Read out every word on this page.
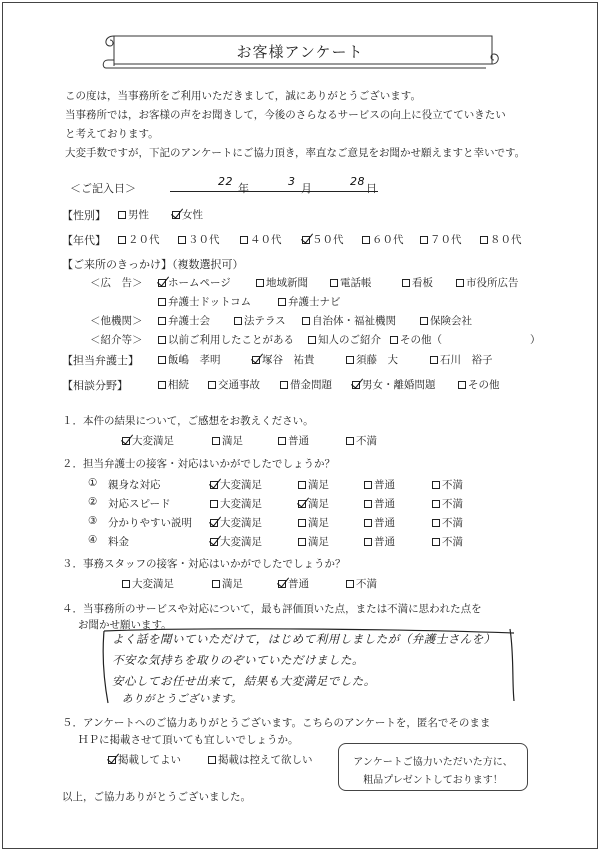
お客様アンケート
この度は，当事務所をご利用いただきまして，誠にありがとうございます。
当事務所では，お客様の声をお聞きして，今後のさらなるサービスの向上に役立てていきたい
と考えております。
大変手数ですが，下記のアンケートにご協力頂き，率直なご意見をお聞かせ願えますと幸いです。
＜ご記入日＞
22
年
3
月
28
日
【性別】	男性	女性
【年代】	２０代	３０代	４０代	５０代	６０代	７０代	８０代
【ご来所のきっかけ】（複数選択可）
＜広　告＞	ホームページ	地域新聞	電話帳	看板	市役所広告
弁護士ドットコム	弁護士ナビ
＜他機関＞	弁護士会	法テラス	自治体・福祉機関	保険会社
＜紹介等＞	以前ご利用したことがある	知人のご紹介	その他（	）
【担当弁護士】	飯嶋　孝明	塚谷　祐貴	須藤　大	石川　裕子
【相談分野】	相続	交通事故	借金問題	男女・離婚問題	その他
１．本件の結果について，ご感想をお教えください。
大変満足	満足	普通	不満
２．担当弁護士の接客・対応はいかがでしたでしょうか？
① 親身な対応	大変満足	満足	普通	不満
② 対応スピード	大変満足	満足	普通	不満
③ 分かりやすい説明	大変満足	満足	普通	不満
④ 料金	大変満足	満足	普通	不満
３．事務スタッフの接客・対応はいかがでしたでしょうか？
大変満足	満足	普通	不満
４．当事務所のサービスや対応について，最も評価頂いた点，または不満に思われた点を
お聞かせ願います。
よく話を聞いていただけて，はじめて利用しましたが（弁護士さんを）
不安な気持ちを取りのぞいていただけました。
安心してお任せ出来て，結果も大変満足でした。
ありがとうございます。
５．アンケートへのご協力ありがとうございます。こちらのアンケートを，匿名でそのまま
ＨＰに掲載させて頂いても宜しいでしょうか。
掲載してよい	掲載は控えて欲しい	アンケートご協力いただいた方に、
粗品プレゼントしております！
以上，ご協力ありがとうございました。
